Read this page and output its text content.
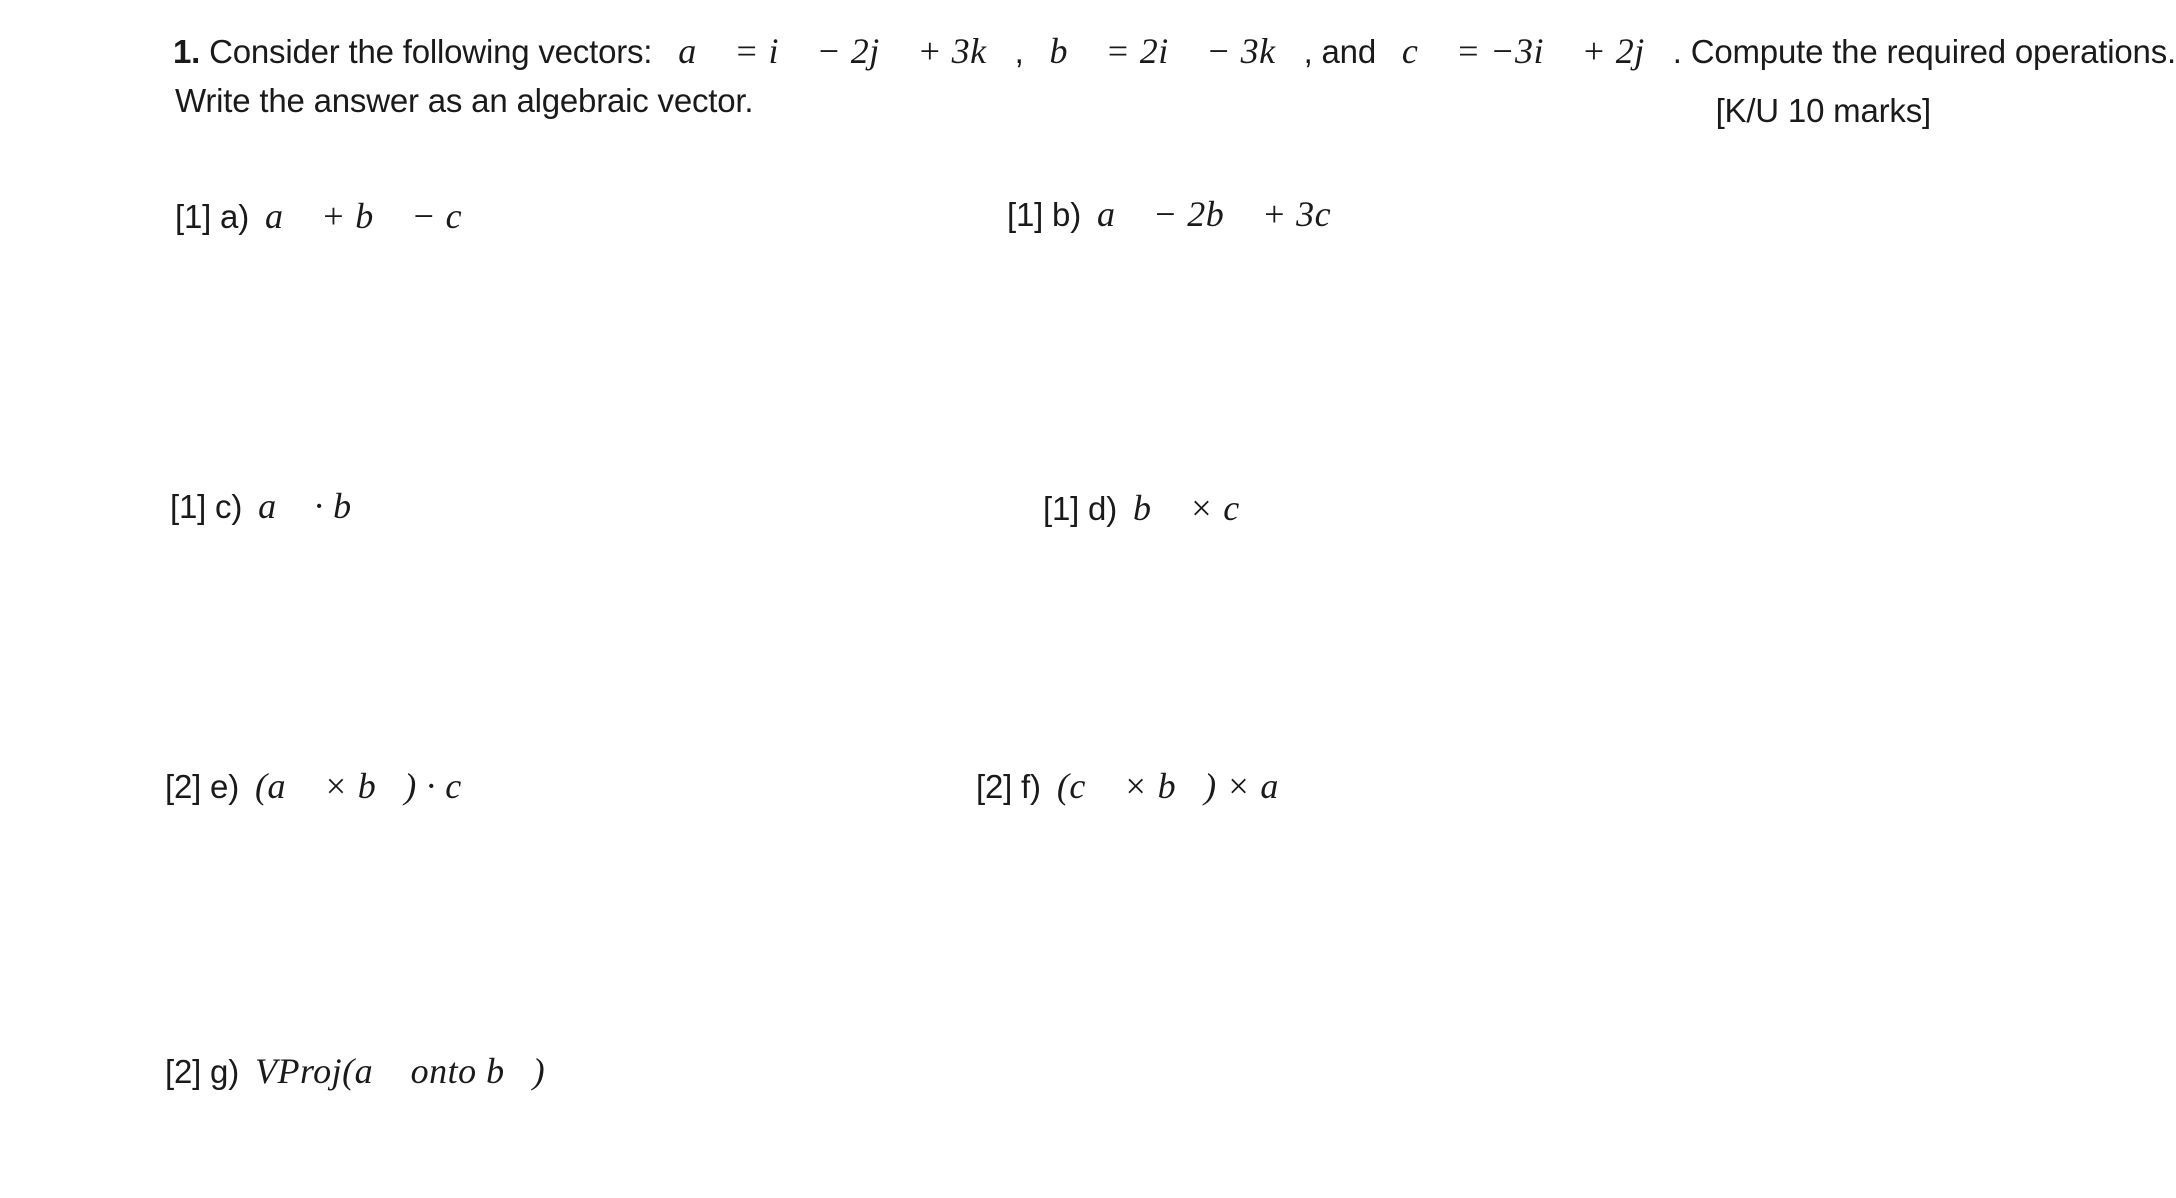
1. Consider the following vectors: a⃗ = i⃗ − 2j⃗ + 3k⃗, b⃗ = 2i⃗ − 3k⃗, and c⃗ = −3i⃗ + 2j⃗. Compute the required operations.
Write the answer as an algebraic vector.	[K/U 10 marks]
[1] a) a⃗ + b⃗ − c⃗	[1] b) a⃗ − 2b⃗ + 3c⃗
[1] c) a⃗ · b⃗	[1] d) b⃗ × c⃗
[2] e) (a⃗ × b⃗) · c⃗	[2] f) (c⃗ × b⃗) × a⃗
[2] g) VProj(a⃗ onto b⃗)
